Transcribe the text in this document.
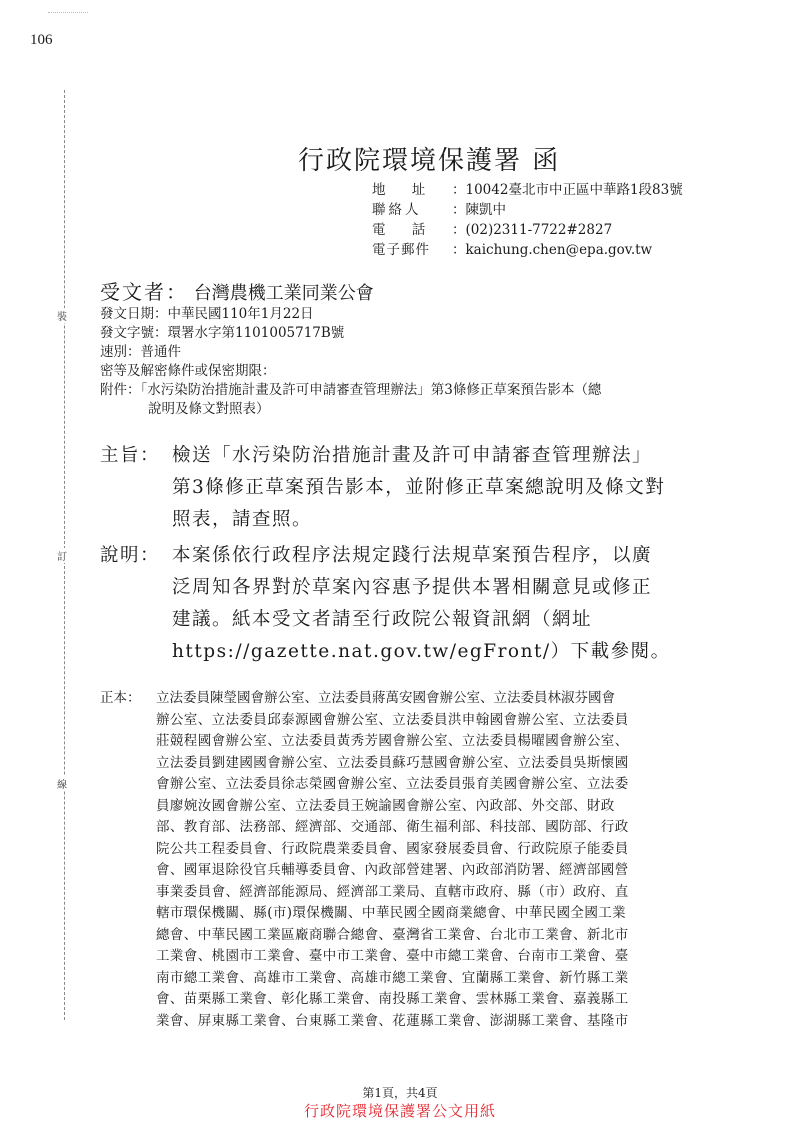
106
裝
訂
線
行政院環境保護署 函
地 址	： 10042臺北市中正區中華路1段83號
聯絡人	： 陳凱中
電 話	： (02)2311-7722#2827
電子郵件	： kaichung.chen@epa.gov.tw
受文者： 台灣農機工業同業公會
發文日期：中華民國110年1月22日
發文字號：環署水字第1101005717B號
速別：普通件
密等及解密條件或保密期限：
附件：「水污染防治措施計畫及許可申請審查管理辦法」第3條修正草案預告影本（總
說明及條文對照表）
主旨： 檢送「水污染防治措施計畫及許可申請審查管理辦法」
第3條修正草案預告影本，並附修正草案總說明及條文對
照表，請查照。
說明： 本案係依行政程序法規定踐行法規草案預告程序，以廣
泛周知各界對於草案內容惠予提供本署相關意見或修正
建議。紙本受文者請至行政院公報資訊網（網址
https://gazette.nat.gov.tw/egFront/）下載參閱。
正本：	立法委員陳瑩國會辦公室、立法委員蔣萬安國會辦公室、立法委員林淑芬國會
辦公室、立法委員邱泰源國會辦公室、立法委員洪申翰國會辦公室、立法委員
莊競程國會辦公室、立法委員黃秀芳國會辦公室、立法委員楊曜國會辦公室、
立法委員劉建國國會辦公室、立法委員蘇巧慧國會辦公室、立法委員吳斯懷國
會辦公室、立法委員徐志榮國會辦公室、立法委員張育美國會辦公室、立法委
員廖婉汝國會辦公室、立法委員王婉諭國會辦公室、內政部、外交部、財政
部、教育部、法務部、經濟部、交通部、衛生福利部、科技部、國防部、行政
院公共工程委員會、行政院農業委員會、國家發展委員會、行政院原子能委員
會、國軍退除役官兵輔導委員會、內政部營建署、內政部消防署、經濟部國營
事業委員會、經濟部能源局、經濟部工業局、直轄市政府、縣（市）政府、直
轄市環保機關、縣(市)環保機關、中華民國全國商業總會、中華民國全國工業
總會、中華民國工業區廠商聯合總會、臺灣省工業會、台北市工業會、新北市
工業會、桃園市工業會、臺中市工業會、臺中市總工業會、台南市工業會、臺
南市總工業會、高雄市工業會、高雄市總工業會、宜蘭縣工業會、新竹縣工業
會、苗栗縣工業會、彰化縣工業會、南投縣工業會、雲林縣工業會、嘉義縣工
業會、屏東縣工業會、台東縣工業會、花蓮縣工業會、澎湖縣工業會、基隆市
第1頁，共4頁
行政院環境保護署公文用紙
